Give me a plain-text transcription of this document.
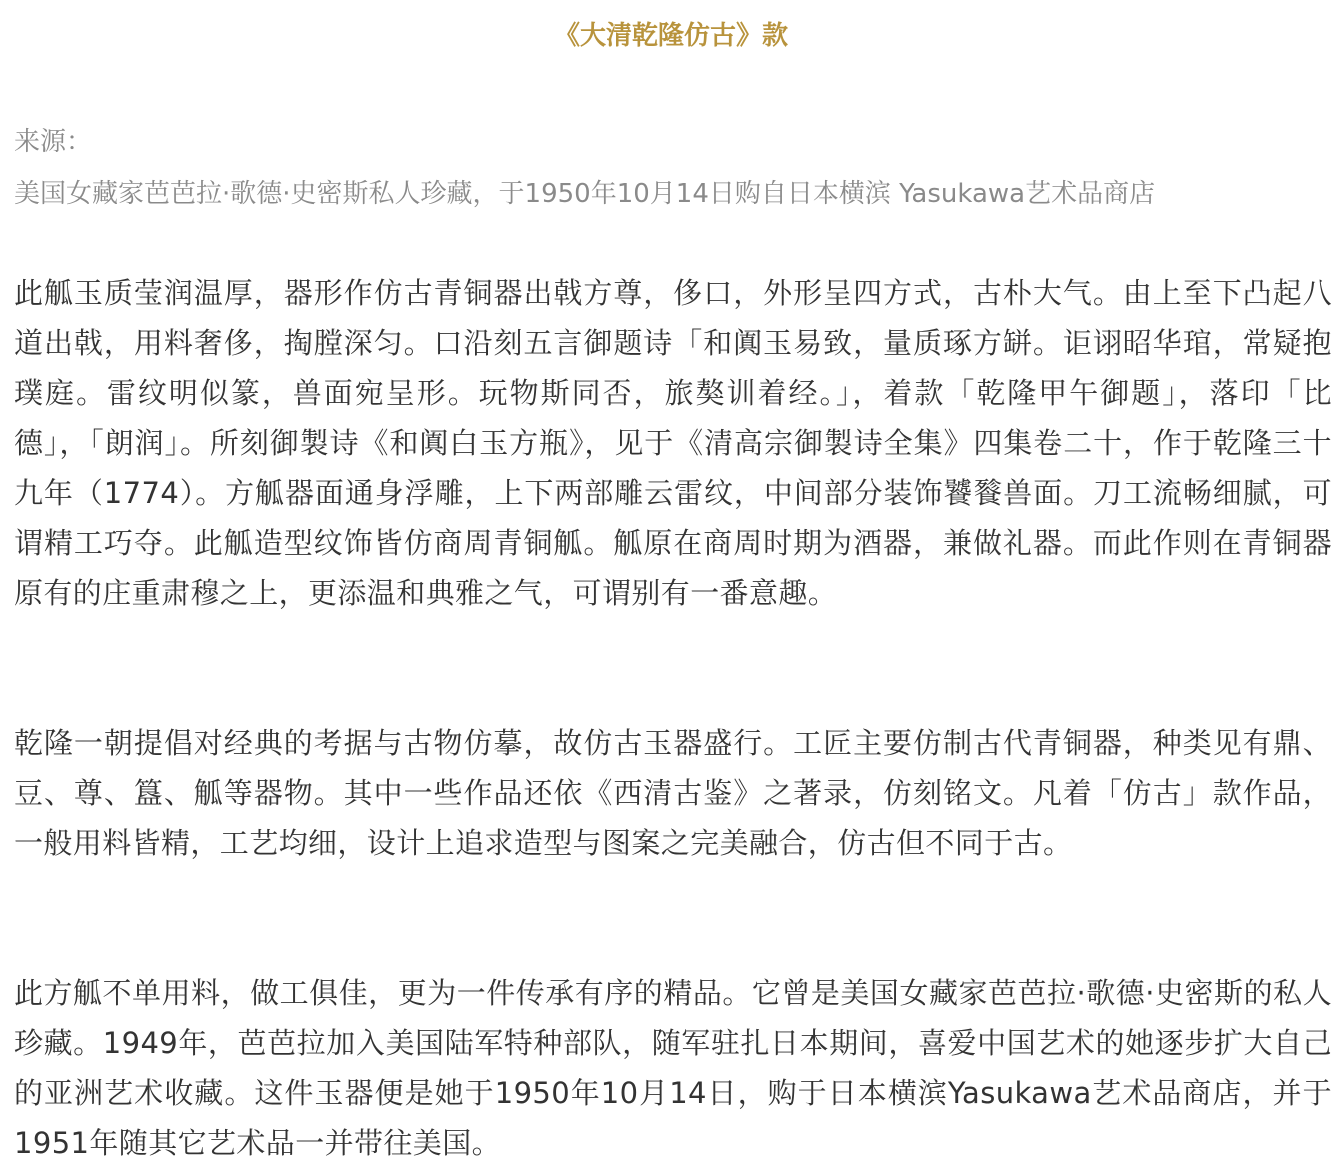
《大清乾隆仿古》款
来源：
美国女藏家芭芭拉·歌德·史密斯私人珍藏，于1950年10月14日购自日本横滨 Yasukawa艺术品商店

此觚玉质莹润温厚，器形作仿古青铜器出戟方尊，侈口，外形呈四方式，古朴大气。由上至下凸起八道出戟，用料奢侈，掏膛深匀。口沿刻五言御题诗「和阗玉易致，量质琢方缾。讵诩昭华琯，常疑抱璞庭。雷纹明似篆，兽面宛呈形。玩物斯同否，旅獒训着经。」，着款「乾隆甲午御题」，落印「比德」，「朗润」。所刻御製诗《和阗白玉方瓶》，见于《清高宗御製诗全集》四集卷二十，作于乾隆三十九年（1774）。方觚器面通身浮雕，上下两部雕云雷纹，中间部分装饰饕餮兽面。刀工流畅细腻，可谓精工巧夺。此觚造型纹饰皆仿商周青铜觚。觚原在商周时期为酒器，兼做礼器。而此作则在青铜器原有的庄重肃穆之上，更添温和典雅之气，可谓别有一番意趣。

乾隆一朝提倡对经典的考据与古物仿摹，故仿古玉器盛行。工匠主要仿制古代青铜器，种类见有鼎、豆、尊、簋、觚等器物。其中一些作品还依《西清古鉴》之著录，仿刻铭文。凡着「仿古」款作品，一般用料皆精，工艺均细，设计上追求造型与图案之完美融合，仿古但不同于古。

此方觚不单用料，做工俱佳，更为一件传承有序的精品。它曾是美国女藏家芭芭拉·歌德·史密斯的私人珍藏。1949年，芭芭拉加入美国陆军特种部队，随军驻扎日本期间，喜爱中国艺术的她逐步扩大自己的亚洲艺术收藏。这件玉器便是她于1950年10月14日，购于日本横滨Yasukawa艺术品商店，并于1951年随其它艺术品一并带往美国。
